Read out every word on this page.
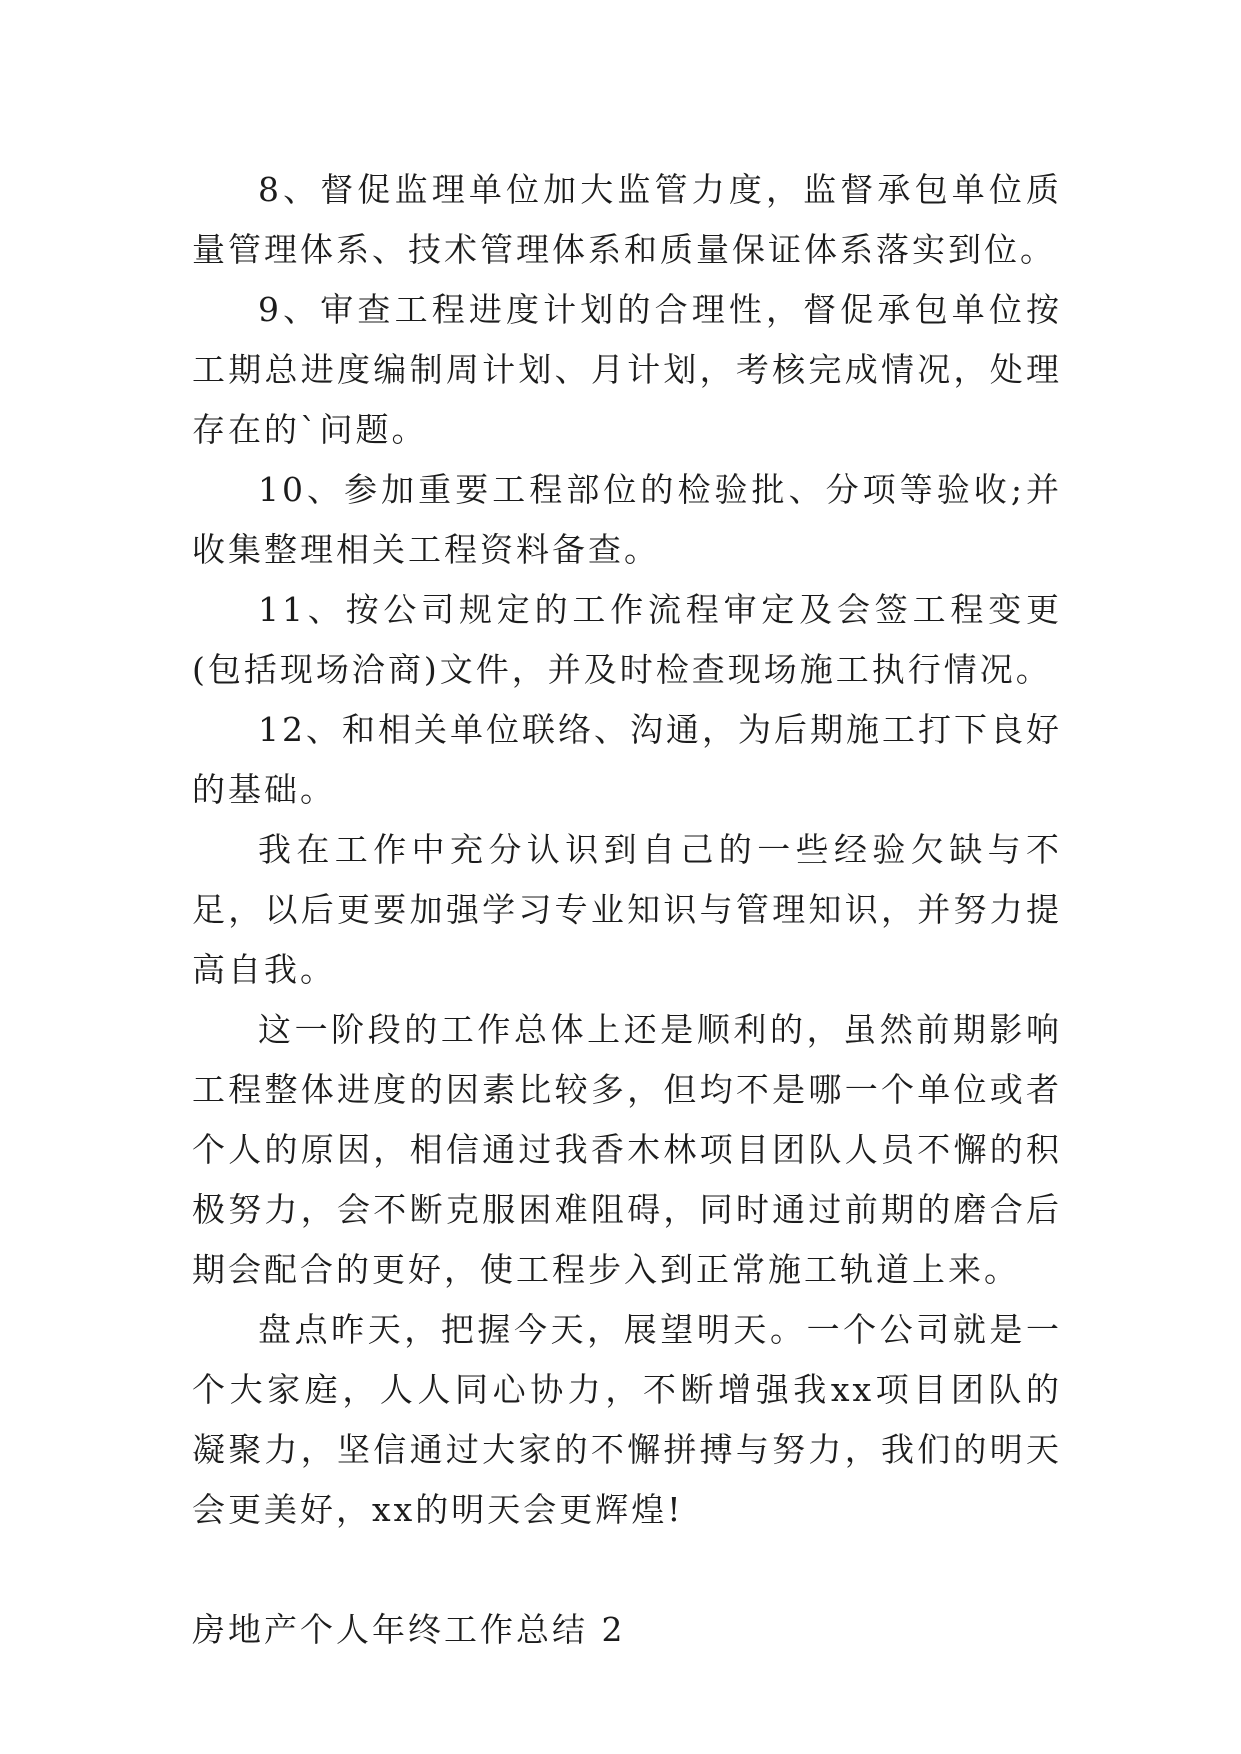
8、督促监理单位加大监管力度，监督承包单位质量管理体系、技术管理体系和质量保证体系落实到位。

9、审查工程进度计划的合理性，督促承包单位按工期总进度编制周计划、月计划，考核完成情况，处理存在的`问题。

10、参加重要工程部位的检验批、分项等验收;并收集整理相关工程资料备查。

11、按公司规定的工作流程审定及会签工程变更(包括现场洽商)文件，并及时检查现场施工执行情况。

12、和相关单位联络、沟通，为后期施工打下良好的基础。

我在工作中充分认识到自己的一些经验欠缺与不足，以后更要加强学习专业知识与管理知识，并努力提高自我。

这一阶段的工作总体上还是顺利的，虽然前期影响工程整体进度的因素比较多，但均不是哪一个单位或者个人的原因，相信通过我香木林项目团队人员不懈的积极努力，会不断克服困难阻碍，同时通过前期的磨合后期会配合的更好，使工程步入到正常施工轨道上来。

盘点昨天，把握今天，展望明天。一个公司就是一个大家庭，人人同心协力，不断增强我xx项目团队的凝聚力，坚信通过大家的不懈拼搏与努力，我们的明天会更美好，xx的明天会更辉煌!

房地产个人年终工作总结 2
